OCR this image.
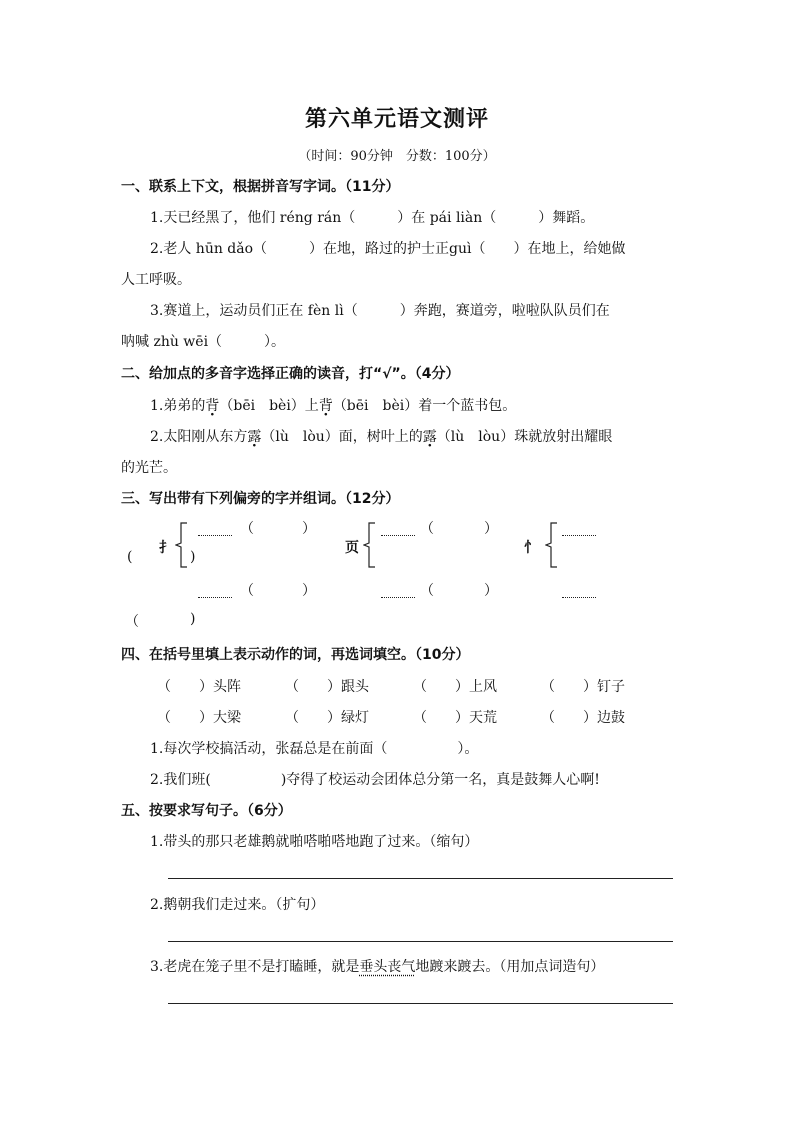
第六单元语文测评
（时间：90分钟　分数：100分）
一、联系上下文，根据拼音写字词。（11分）
1.天已经黑了，他们 réng rán（　　　）在 pái liàn（　　　）舞蹈。
2.老人 hūn dǎo（　　　）在地，路过的护士正guì（　　）在地上，给她做
人工呼吸。
3.赛道上，运动员们正在 fèn lì（　　　）奔跑，赛道旁，啦啦队队员们在
呐喊 zhù wēi（　　　）。
二、给加点的多音字选择正确的读音，打“√”。（4分）
1.弟弟的背（bēi　bèi）上背（bēi　bèi）着一个蓝书包。
2.太阳刚从东方露（lù　lòu）面，树叶上的露（lù　lòu）珠就放射出耀眼
的光芒。
三、写出带有下列偏旁的字并组词。（12分）
(
扌
)
（	）
（	）
页
（	）
（	）
忄
（	)
四、在括号里填上表示动作的词，再选词填空。（10分）
（　　）头阵	（　　）跟头	（　　）上风	（　　）钉子
（　　）大梁	（　　）绿灯	（　　）天荒	（　　）边鼓
1.每次学校搞活动，张磊总是在前面（　　　　　）。
2.我们班(　　　　　)夺得了校运动会团体总分第一名，真是鼓舞人心啊!
五、按要求写句子。（6分）
1.带头的那只老雄鹅就啪嗒啪嗒地跑了过来。（缩句）
2.鹅朝我们走过来。（扩句）
3.老虎在笼子里不是打瞌睡，就是垂头丧气地踱来踱去。（用加点词造句）
